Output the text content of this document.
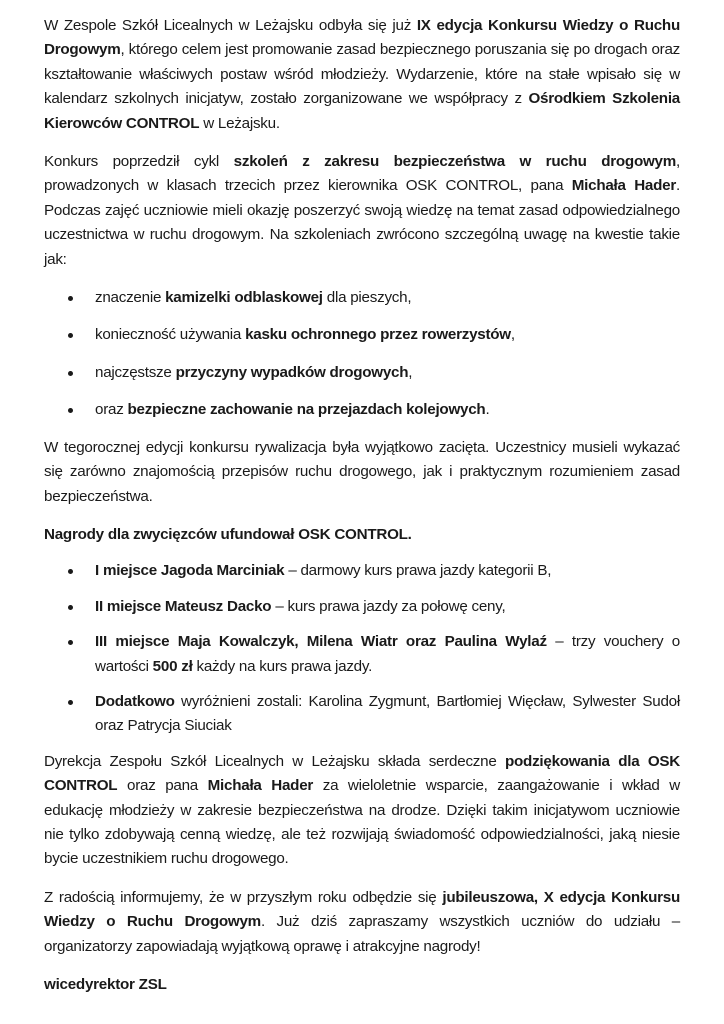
W Zespole Szkół Licealnych w Leżajsku odbyła się już IX edycja Konkursu Wiedzy o Ruchu Drogowym, którego celem jest promowanie zasad bezpiecznego poruszania się po drogach oraz kształtowanie właściwych postaw wśród młodzieży. Wydarzenie, które na stałe wpisało się w kalendarz szkolnych inicjatyw, zostało zorganizowane we współpracy z Ośrodkiem Szkolenia Kierowców CONTROL w Leżajsku.

Konkurs poprzedził cykl szkoleń z zakresu bezpieczeństwa w ruchu drogowym, prowadzonych w klasach trzecich przez kierownika OSK CONTROL, pana Michała Hader. Podczas zajęć uczniowie mieli okazję poszerzyć swoją wiedzę na temat zasad odpowiedzialnego uczestnictwa w ruchu drogowym. Na szkoleniach zwrócono szczególną uwagę na kwestie takie jak:

znaczenie kamizelki odblaskowej dla pieszych,
konieczność używania kasku ochronnego przez rowerzystów,
najczęstsze przyczyny wypadków drogowych,
oraz bezpieczne zachowanie na przejazdach kolejowych.

W tegorocznej edycji konkursu rywalizacja była wyjątkowo zacięta. Uczestnicy musieli wykazać się zarówno znajomością przepisów ruchu drogowego, jak i praktycznym rozumieniem zasad bezpieczeństwa.

Nagrody dla zwycięzców ufundował OSK CONTROL.

I miejsce Jagoda Marciniak – darmowy kurs prawa jazdy kategorii B,
II miejsce Mateusz Dacko – kurs prawa jazdy za połowę ceny,
III miejsce Maja Kowalczyk, Milena Wiatr oraz Paulina Wylaź – trzy vouchery o wartości 500 zł każdy na kurs prawa jazdy.
Dodatkowo wyróżnieni zostali: Karolina Zygmunt, Bartłomiej Więcław, Sylwester Sudoł oraz Patrycja Siuciak

Dyrekcja Zespołu Szkół Licealnych w Leżajsku składa serdeczne podziękowania dla OSK CONTROL oraz pana Michała Hader za wieloletnie wsparcie, zaangażowanie i wkład w edukację młodzieży w zakresie bezpieczeństwa na drodze. Dzięki takim inicjatywom uczniowie nie tylko zdobywają cenną wiedzę, ale też rozwijają świadomość odpowiedzialności, jaką niesie bycie uczestnikiem ruchu drogowego.

Z radością informujemy, że w przyszłym roku odbędzie się jubileuszowa, X edycja Konkursu Wiedzy o Ruchu Drogowym. Już dziś zapraszamy wszystkich uczniów do udziału – organizatorzy zapowiadają wyjątkową oprawę i atrakcyjne nagrody!

wicedyrektor ZSL
